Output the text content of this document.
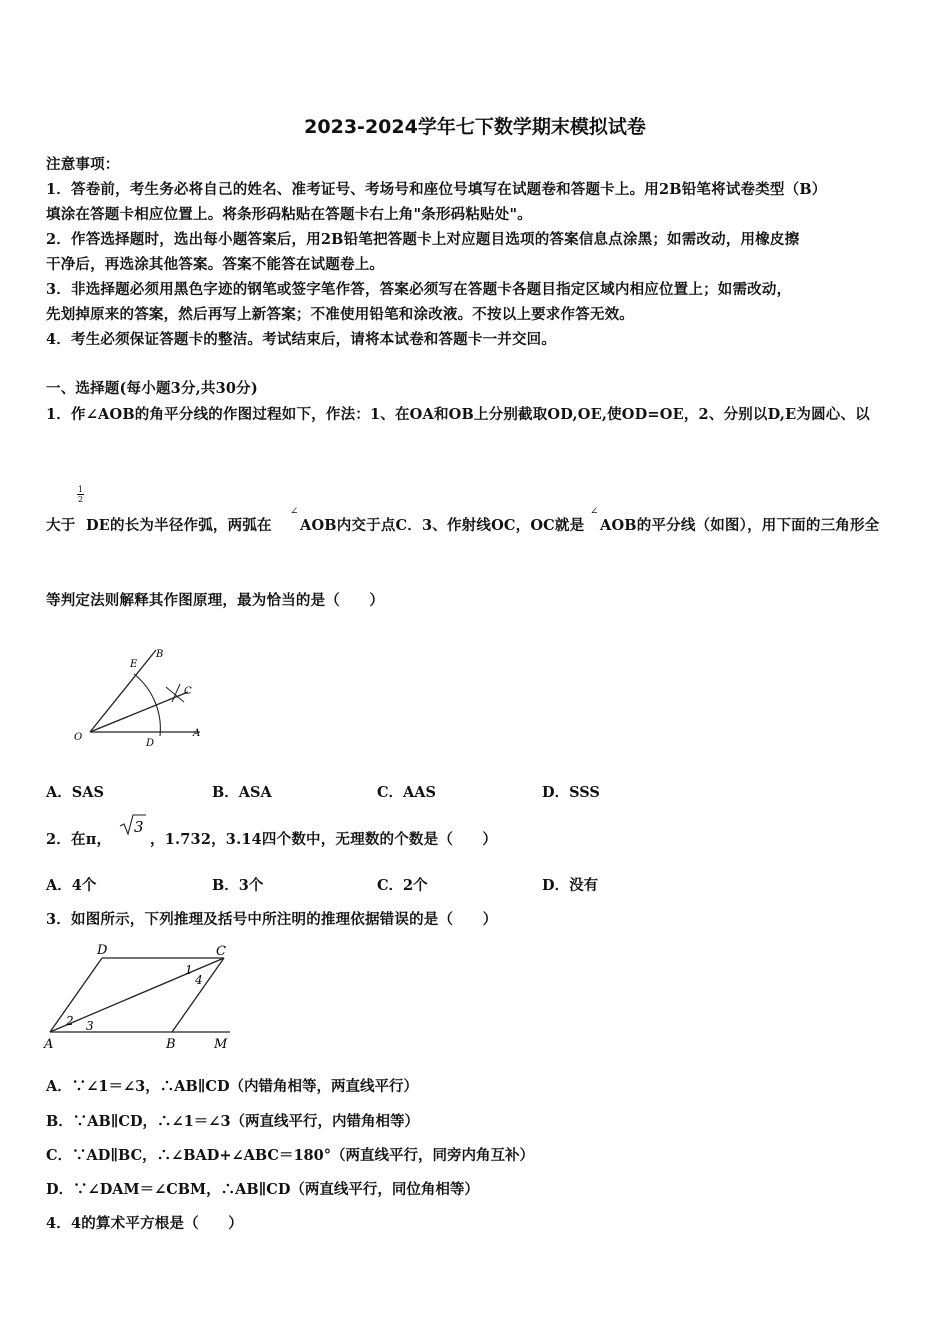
2023-2024学年七下数学期末模拟试卷
注意事项：
1．答卷前，考生务必将自己的姓名、准考证号、考场号和座位号填写在试题卷和答题卡上。用2B铅笔将试卷类型（B）
填涂在答题卡相应位置上。将条形码粘贴在答题卡右上角"条形码粘贴处"。
2．作答选择题时，选出每小题答案后，用2B铅笔把答题卡上对应题目选项的答案信息点涂黑；如需改动，用橡皮擦
干净后，再选涂其他答案。答案不能答在试题卷上。
3．非选择题必须用黑色字迹的钢笔或签字笔作答，答案必须写在答题卡各题目指定区域内相应位置上；如需改动，
先划掉原来的答案，然后再写上新答案；不准使用铅笔和涂改液。不按以上要求作答无效。
4．考生必须保证答题卡的整洁。考试结束后，请将本试卷和答题卡一并交回。
一、选择题(每小题3分,共30分)
1．作∠AOB的角平分线的作图过程如下，作法：1、在OA和OB上分别截取OD,OE,使OD=OE，2、分别以D,E为圆心、以
1
2
大于 DE的长为半径作弧，两弧在
∠
AOB内交于点C．3、作射线OC，OC就是
∠
AOB的平分线（如图），用下面的三角形全
等判定法则解释其作图原理，最为恰当的是（　　）
O	A
B
C
D
E
A．SAS	B．ASA	C．AAS	D．SSS
2．在π，
3
，1.732，3.14四个数中，无理数的个数是（　　）
A．4个	B．3个	C．2个	D．没有
3．如图所示，下列推理及括号中所注明的推理依据错误的是（　　）
D	C
A	B	M
1
2 3
4
A．∵∠1＝∠3，∴AB∥CD（内错角相等，两直线平行）
B．∵AB∥CD，∴∠1＝∠3（两直线平行，内错角相等）
C．∵AD∥BC，∴∠BAD+∠ABC＝180°（两直线平行，同旁内角互补）
D．∵∠DAM＝∠CBM，∴AB∥CD（两直线平行，同位角相等）
4．4的算术平方根是（　　）
